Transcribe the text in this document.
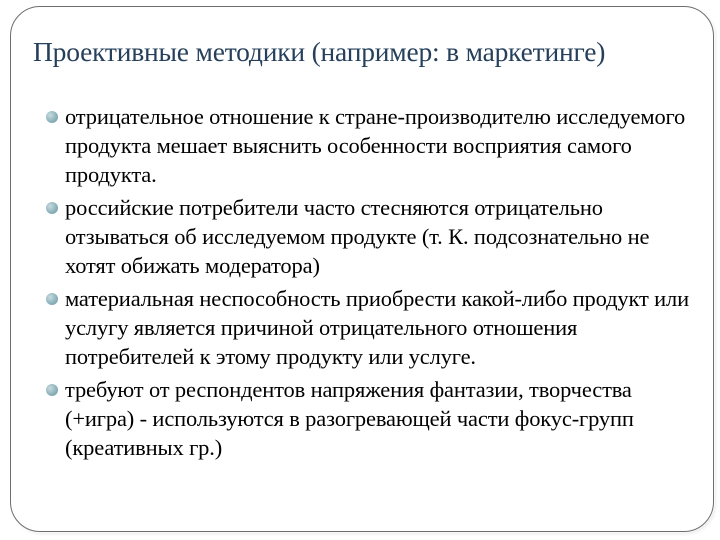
Проективные методики (например: в маркетинге)
отрицательное отношение к стране-производителю исследуемого продукта мешает выяснить особенности восприятия самого продукта.
российские потребители часто стесняются отрицательно отзываться об исследуемом продукте (т. К. подсознательно не хотят обижать модератора)
материальная неспособность приобрести какой-либо продукт или услугу является причиной отрицательного отношения потребителей к этому продукту или услуге.
требуют от респондентов напряжения фантазии, творчества (+игра) - используются в разогревающей части фокус-групп (креативных гр.)
